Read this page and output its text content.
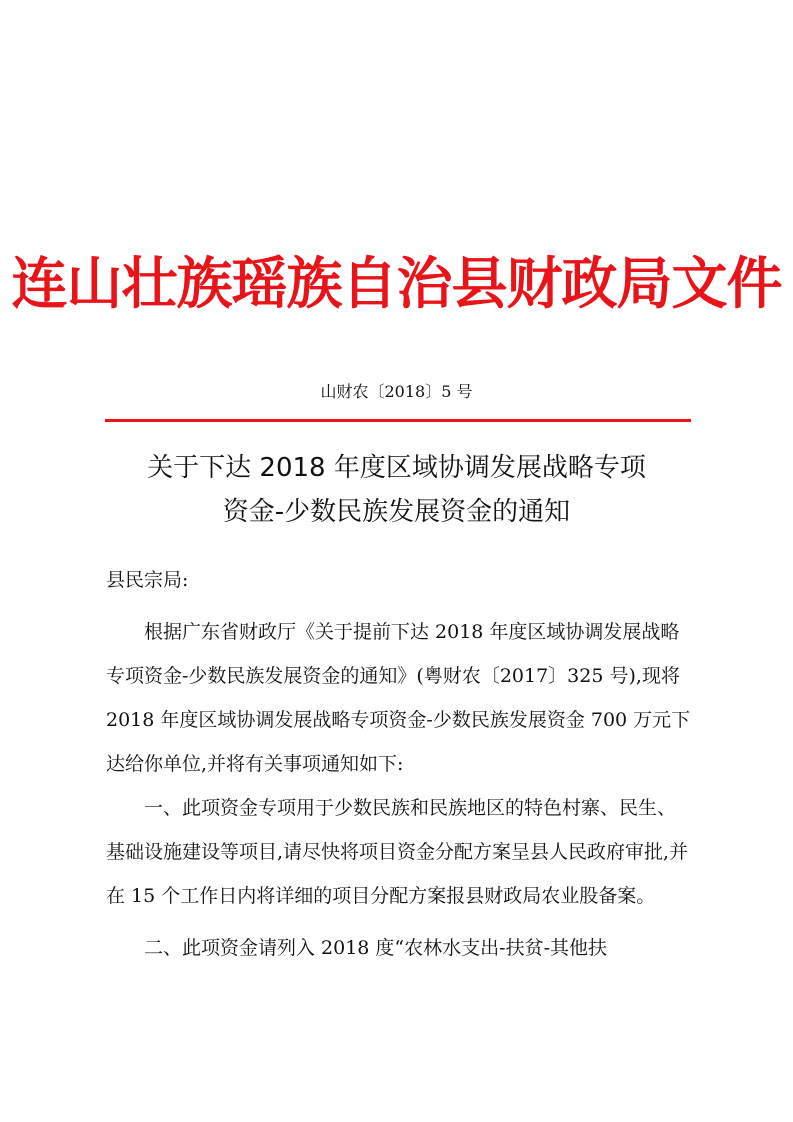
连山壮族瑶族自治县财政局文件
山财农〔2018〕5 号
关于下达 2018 年度区域协调发展战略专项
资金-少数民族发展资金的通知

县民宗局:

根据广东省财政厅《关于提前下达 2018 年度区域协调发展战略专项资金-少数民族发展资金的通知》(粤财农〔2017〕325 号),现将 2018 年度区域协调发展战略专项资金-少数民族发展资金 700 万元下达给你单位,并将有关事项通知如下:

一、此项资金专项用于少数民族和民族地区的特色村寨、民生、基础设施建设等项目,请尽快将项目资金分配方案呈县人民政府审批,并在 15 个工作日内将详细的项目分配方案报县财政局农业股备案。

二、此项资金请列入 2018 度“农林水支出-扶贫-其他扶
